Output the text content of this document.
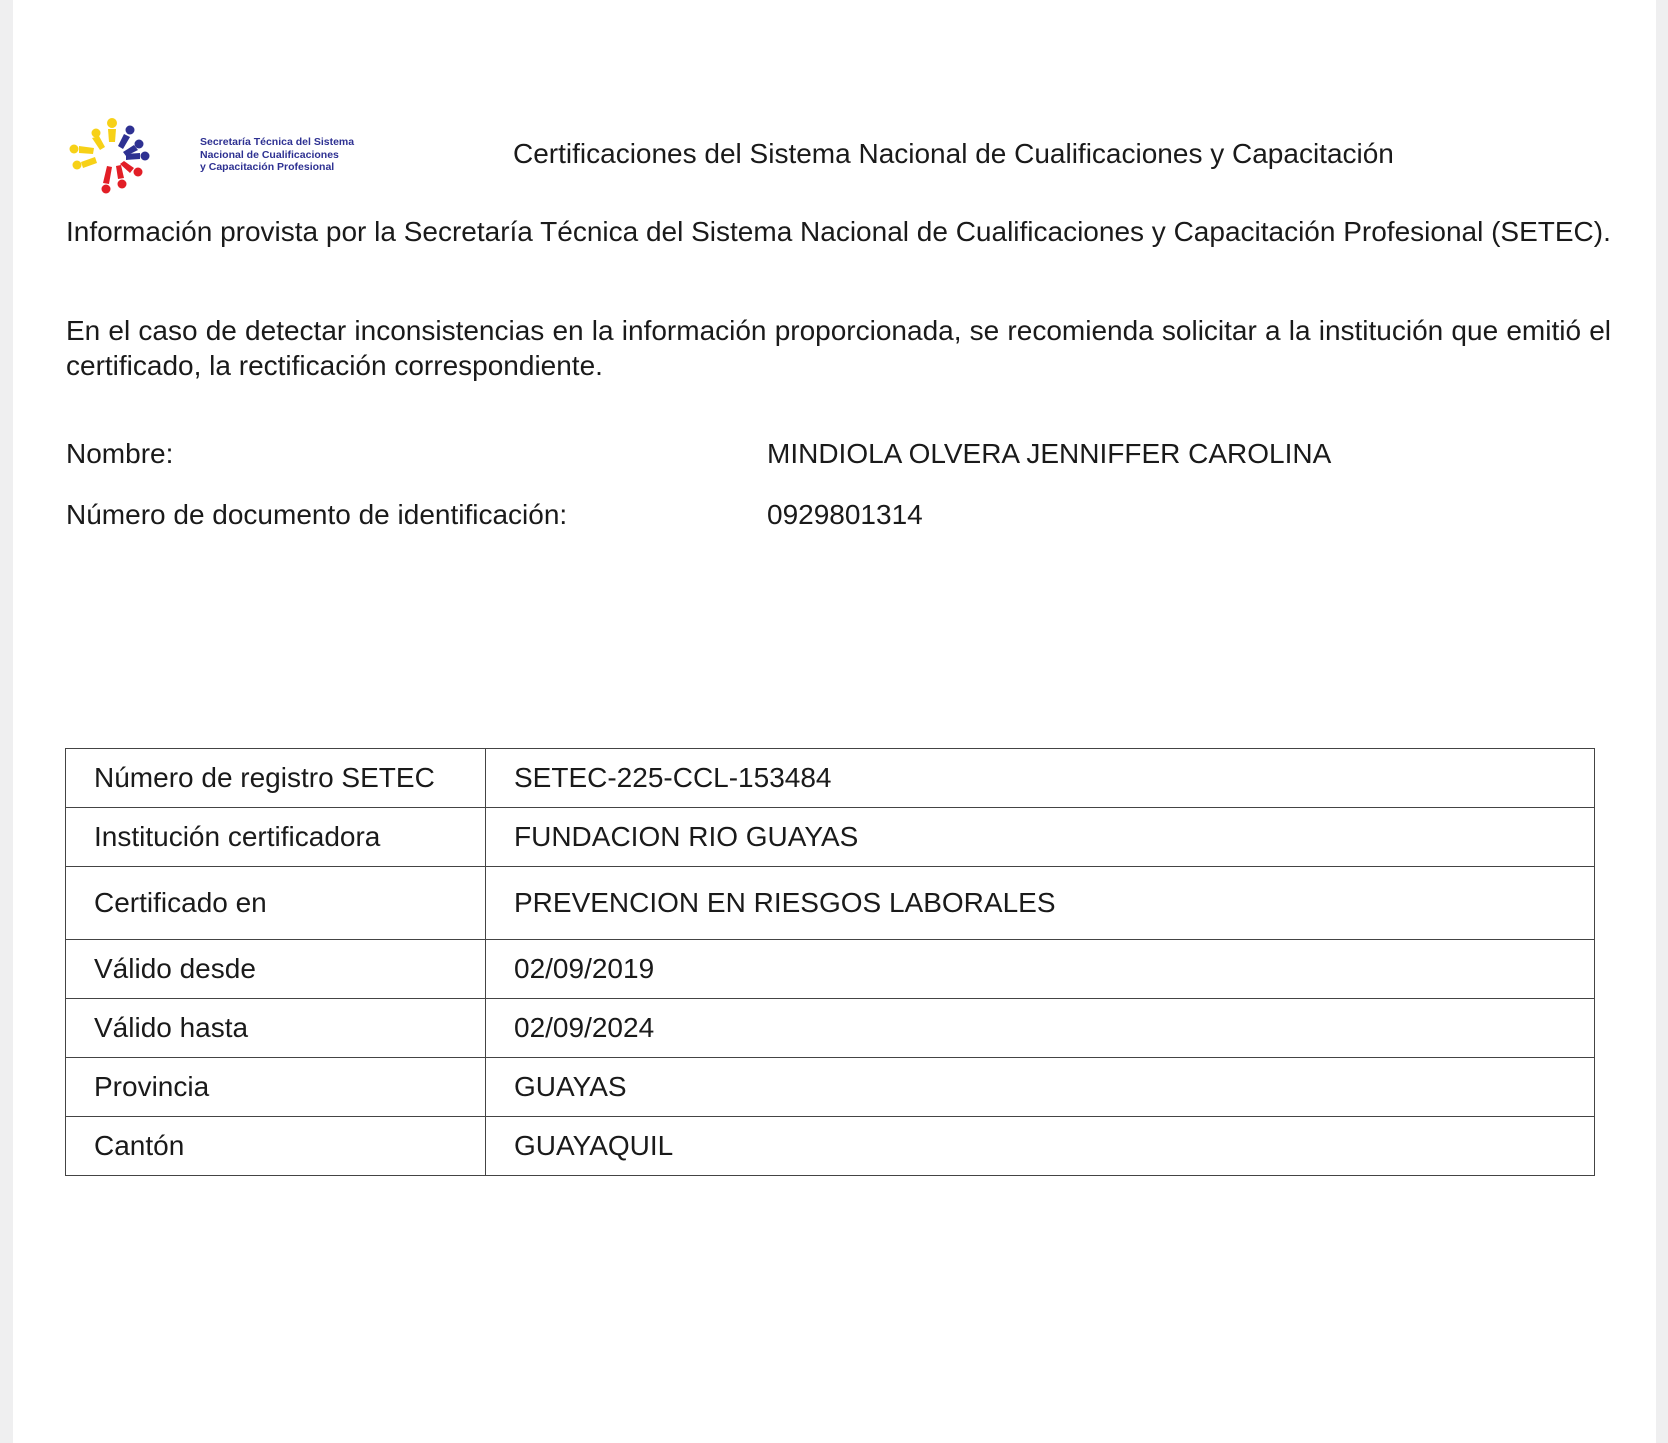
Secretaría Técnica del Sistema
Nacional de Cualificaciones
y Capacitación Profesional	Certificaciones del Sistema Nacional de Cualificaciones y Capacitación

Información provista por la Secretaría Técnica del Sistema Nacional de Cualificaciones y Capacitación Profesional (SETEC).

En el caso de detectar inconsistencias en la información proporcionada, se recomienda solicitar a la institución que emitió el certificado, la rectificación correspondiente.

Nombre:	MINDIOLA OLVERA JENNIFFER CAROLINA
Número de documento de identificación:	0929801314
Número de registro SETEC	SETEC-225-CCL-153484
Institución certificadora	FUNDACION RIO GUAYAS
Certificado en	PREVENCION EN RIESGOS LABORALES
Válido desde	02/09/2019
Válido hasta	02/09/2024
Provincia	GUAYAS
Cantón	GUAYAQUIL
